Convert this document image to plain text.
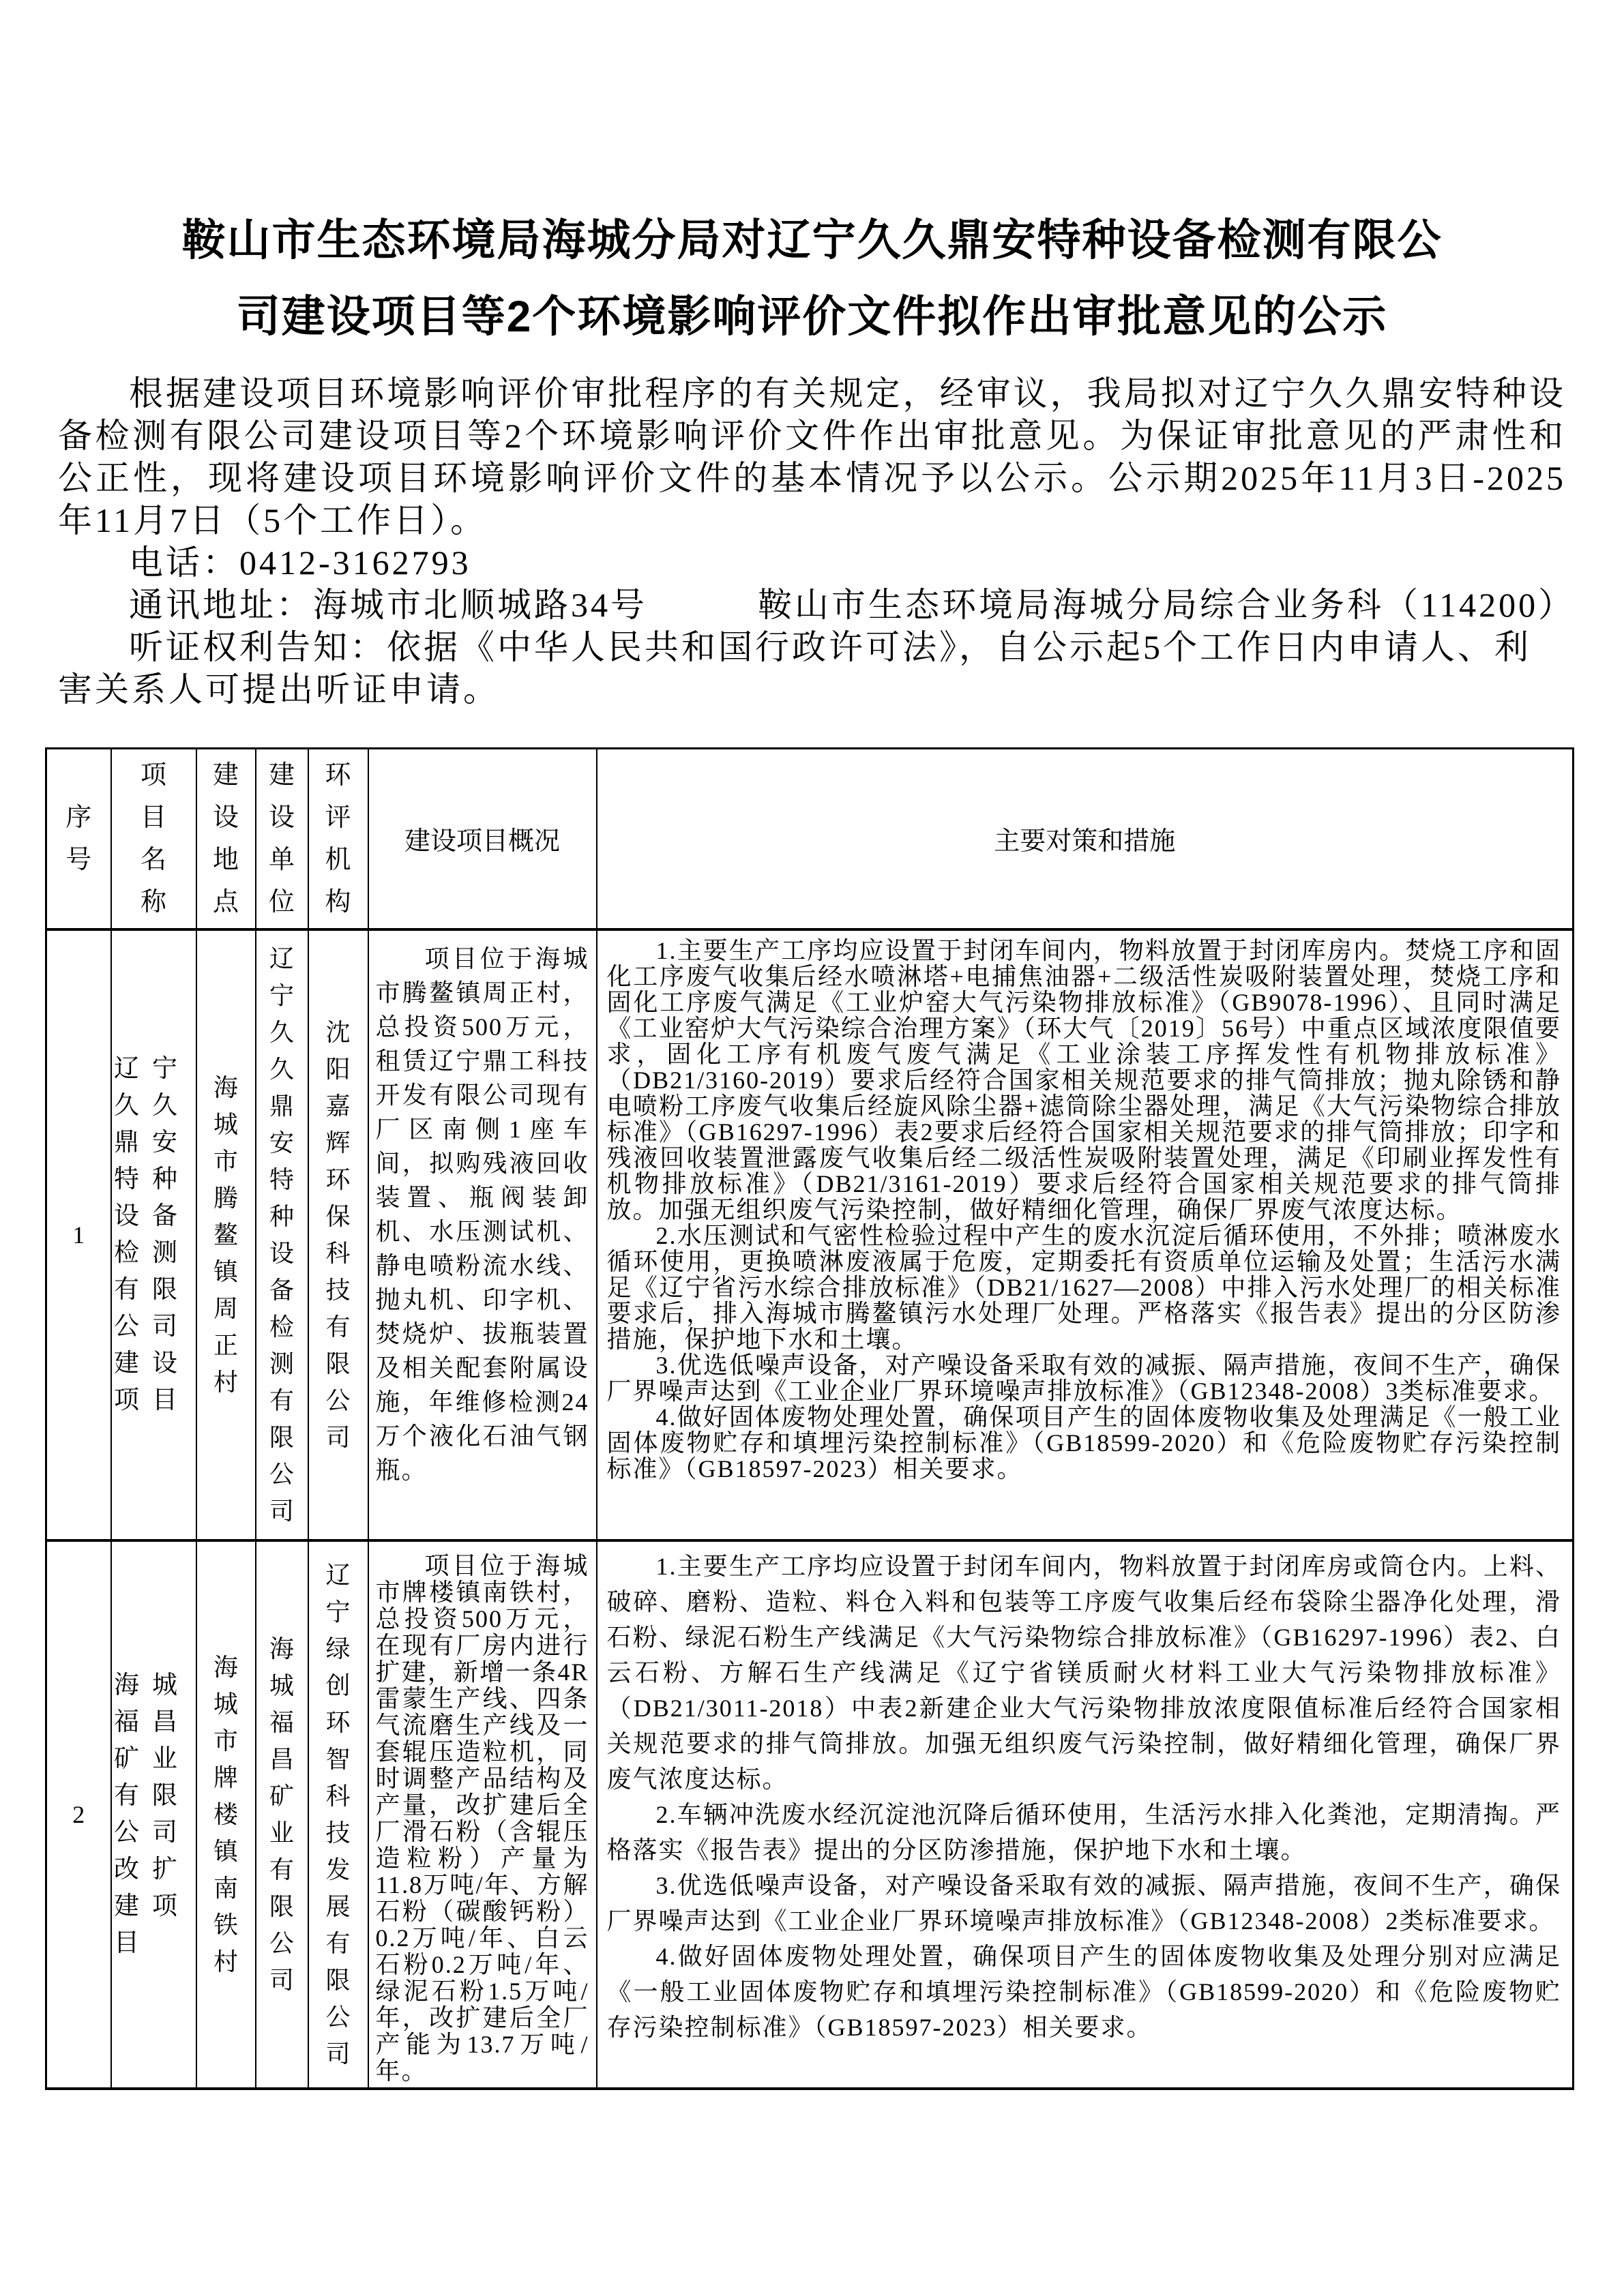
鞍山市生态环境局海城分局对辽宁久久鼎安特种设备检测有限公司建设项目等2个环境影响评价文件拟作出审批意见的公示

根据建设项目环境影响评价审批程序的有关规定，经审议，我局拟对辽宁久久鼎安特种设备检测有限公司建设项目等2个环境影响评价文件作出审批意见。为保证审批意见的严肃性和公正性，现将建设项目环境影响评价文件的基本情况予以公示。公示期2025年11月3日-2025年11月7日（5个工作日）。

电话：0412-3162793

通讯地址：海城市北顺城路34号　　　鞍山市生态环境局海城分局综合业务科（114200）

听证权利告知：依据《中华人民共和国行政许可法》，自公示起5个工作日内申请人、利害关系人可提出听证申请。

序号	项目名称	建设地点	建设单位	环评机构	建设项目概况	主要对策和措施
1	辽宁久久鼎安特种设备检测有限公司建设项目	海城市腾鳌镇周正村	辽宁久久鼎安特种设备检测有限公司	沈阳嘉辉环保科技有限公司	项目位于海城市腾鳌镇周正村，总投资500万元，租赁辽宁鼎工科技开发有限公司现有厂区南侧1座车间，拟购残液回收装置、瓶阀装卸机、水压测试机、静电喷粉流水线、抛丸机、印字机、焚烧炉、拔瓶装置及相关配套附属设施，年维修检测24万个液化石油气钢瓶。	1.主要生产工序均应设置于封闭车间内，物料放置于封闭库房内。焚烧工序和固化工序废气收集后经水喷淋塔+电捕焦油器+二级活性炭吸附装置处理，焚烧工序和固化工序废气满足《工业炉窑大气污染物排放标准》（GB9078-1996）、且同时满足《工业窑炉大气污染综合治理方案》（环大气〔2019〕56号）中重点区域浓度限值要求，固化工序有机废气废气满足《工业涂装工序挥发性有机物排放标准》（DB21/3160-2019）要求后经符合国家相关规范要求的排气筒排放；抛丸除锈和静电喷粉工序废气收集后经旋风除尘器+滤筒除尘器处理，满足《大气污染物综合排放标准》（GB16297-1996）表2要求后经符合国家相关规范要求的排气筒排放；印字和残液回收装置泄露废气收集后经二级活性炭吸附装置处理，满足《印刷业挥发性有机物排放标准》（DB21/3161-2019）要求后经符合国家相关规范要求的排气筒排放。加强无组织废气污染控制，做好精细化管理，确保厂界废气浓度达标。

2.水压测试和气密性检验过程中产生的废水沉淀后循环使用，不外排；喷淋废水循环使用，更换喷淋废液属于危废，定期委托有资质单位运输及处置；生活污水满足《辽宁省污水综合排放标准》（DB21/1627—2008）中排入污水处理厂的相关标准要求后，排入海城市腾鳌镇污水处理厂处理。严格落实《报告表》提出的分区防渗措施，保护地下水和土壤。

3.优选低噪声设备，对产噪设备采取有效的减振、隔声措施，夜间不生产，确保厂界噪声达到《工业企业厂界环境噪声排放标准》（GB12348-2008）3类标准要求。

4.做好固体废物处理处置，确保项目产生的固体废物收集及处理满足《一般工业固体废物贮存和填埋污染控制标准》（GB18599-2020）和《危险废物贮存污染控制标准》（GB18597-2023）相关要求。

2	海城福昌矿业有限公司改扩建项目	海城市牌楼镇南铁村	海城福昌矿业有限公司	辽宁绿创环智科技发展有限公司	项目位于海城市牌楼镇南铁村，总投资500万元，在现有厂房内进行扩建，新增一条4R雷蒙生产线、四条气流磨生产线及一套辊压造粒机，同时调整产品结构及产量，改扩建后全厂滑石粉（含辊压造粒粉）产量为11.8万吨/年、方解石粉（碳酸钙粉）0.2万吨/年、白云石粉0.2万吨/年、绿泥石粉1.5万吨/年，改扩建后全厂产能为13.7万吨/年。	1.主要生产工序均应设置于封闭车间内，物料放置于封闭库房或筒仓内。上料、破碎、磨粉、造粒、料仓入料和包装等工序废气收集后经布袋除尘器净化处理，滑石粉、绿泥石粉生产线满足《大气污染物综合排放标准》（GB16297-1996）表2、白云石粉、方解石生产线满足《辽宁省镁质耐火材料工业大气污染物排放标准》（DB21/3011-2018）中表2新建企业大气污染物排放浓度限值标准后经符合国家相关规范要求的排气筒排放。加强无组织废气污染控制，做好精细化管理，确保厂界废气浓度达标。

2.车辆冲洗废水经沉淀池沉降后循环使用，生活污水排入化粪池，定期清掏。严格落实《报告表》提出的分区防渗措施，保护地下水和土壤。

3.优选低噪声设备，对产噪设备采取有效的减振、隔声措施，夜间不生产，确保厂界噪声达到《工业企业厂界环境噪声排放标准》（GB12348-2008）2类标准要求。

4.做好固体废物处理处置，确保项目产生的固体废物收集及处理分别对应满足《一般工业固体废物贮存和填埋污染控制标准》（GB18599-2020）和《危险废物贮存污染控制标准》（GB18597-2023）相关要求。
